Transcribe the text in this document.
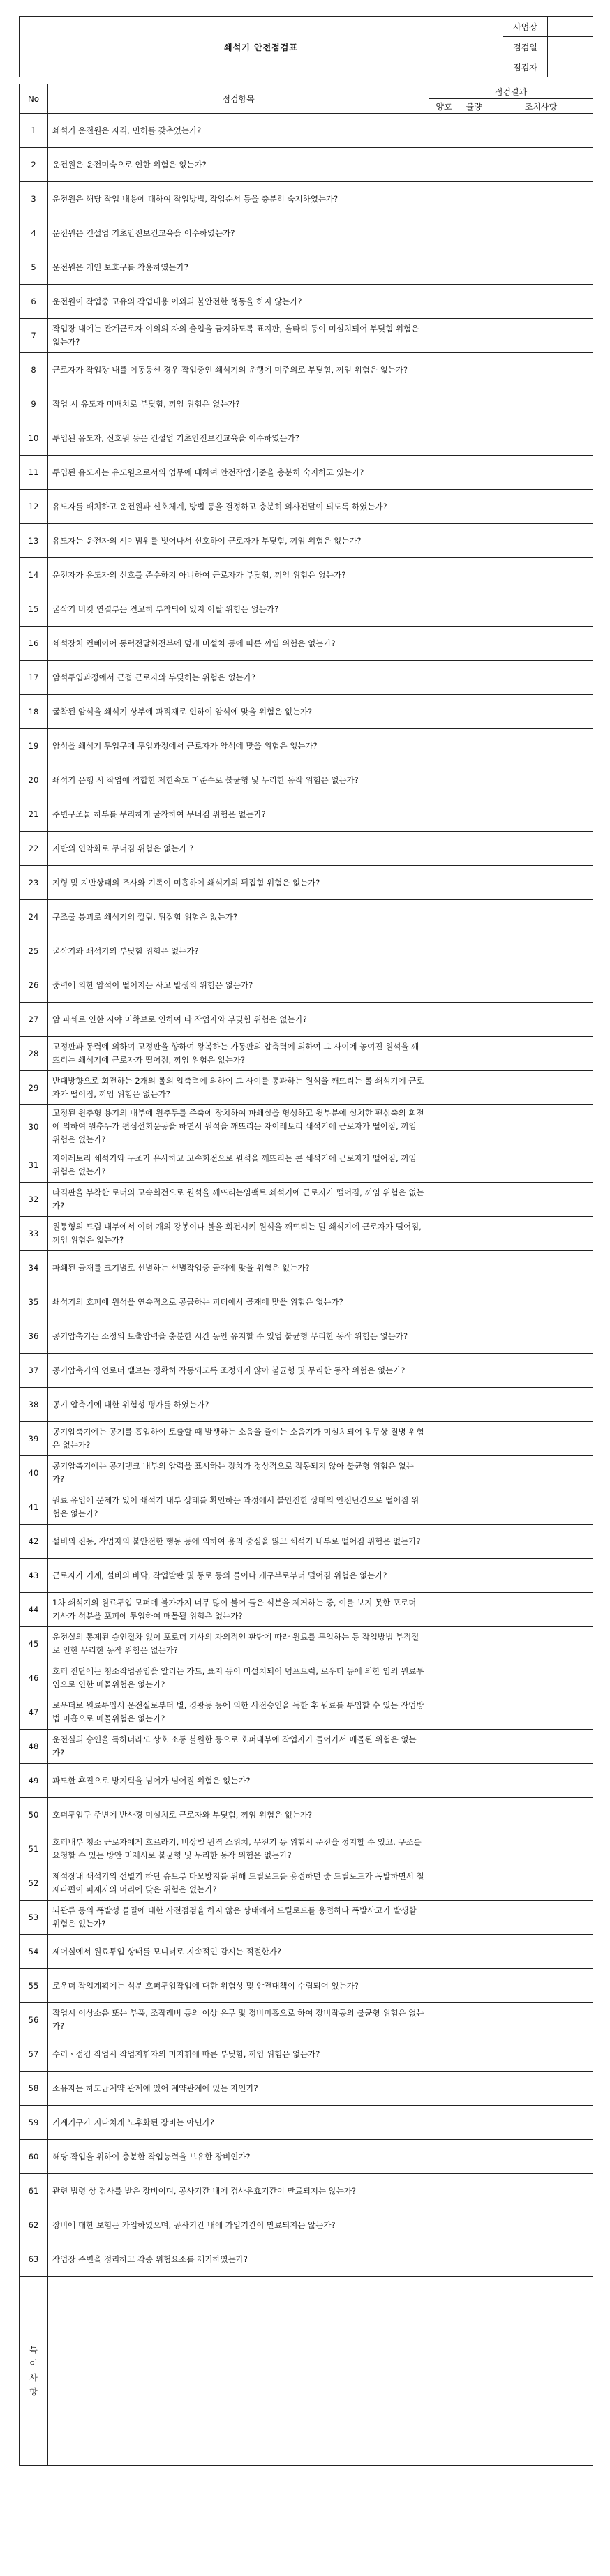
쇄석기 안전점검표	사업장	
	점검일	
	점검자	
No	점검항목	점검결과		
		양호	불량	조치사항
1	쇄석기 운전원은 자격, 면허를 갖추었는가?			
2	운전원은 운전미숙으로 인한 위험은 없는가?			
3	운전원은 해당 작업 내용에 대하여 작업방법, 작업순서 등을 충분히 숙지하였는가?			
4	운전원은 건설업 기초안전보건교육을 이수하였는가?			
5	운전원은 개인 보호구를 착용하였는가?			
6	운전원이 작업중 고유의 작업내용 이외의 불안전한 행동을 하지 않는가?			
7	작업장 내에는 관계근로자 이외의 자의 출입을 금지하도록 표지판, 울타리 등이 미설치되어 부딪힘 위험은 없는가?			
8	근로자가 작업장 내를 이동동선 경우 작업중인 쇄석기의 운행에 미주의로 부딪힘, 끼임 위험은 없는가?			
9	작업 시 유도자 미배치로 부딪힘, 끼임 위험은 없는가?			
10	투입된 유도자, 신호원 등은 건설업 기초안전보건교육을 이수하였는가?			
11	투입된 유도자는 유도원으로서의 업무에 대하여 안전작업기준을 충분히 숙지하고 있는가?			
12	유도자를 배치하고 운전원과 신호체계, 방법 등을 결정하고 충분히 의사전달이 되도록 하였는가?			
13	유도자는 운전자의 시야범위를 벗어나서 신호하여 근로자가 부딪힘, 끼임 위험은 없는가?			
14	운전자가 유도자의 신호를 준수하지 아니하여 근로자가 부딪힘, 끼임 위험은 없는가?			
15	굴삭기 버킷 연결부는 견고히 부착되어 있지 이탈 위험은 없는가?			
16	쇄석장치 컨베이어 동력전달회전부에 덮개 미설치 등에 따른 끼임 위험은 없는가?			
17	암석투입과정에서 근접 근로자와 부딪히는 위험은 없는가?			
18	굴착된 암석을 쇄석기 상부에 과적재로 인하여 암석에 맞을 위험은 없는가?			
19	암석을 쇄석기 투입구에 투입과정에서 근로자가 암석에 맞을 위험은 없는가?			
20	쇄석기 운행 시 작업에 적합한 제한속도 미준수로 불균형 및 무리한 동작 위험은 없는가?			
21	주변구조물 하부를 무리하게 굴착하여 무너짐 위험은 없는가?			
22	지반의 연약화로 무너짐 위험은 없는가 ?			
23	지형 및 지반상태의 조사와 기록이 미흡하여 쇄석기의 뒤집힘 위험은 없는가?			
24	구조물 붕괴로 쇄석기의 깔림, 뒤집힘 위험은 없는가?			
25	굴삭기와 쇄석기의 부딪힘 위험은 없는가?			
26	중력에 의한 암석이 떨어지는 사고 발생의 위험은 없는가?			
27	암 파쇄로 인한 시야 미확보로 인하여 타 작업자와 부딪힘 위험은 없는가?			
28	고정판과 동력에 의하여 고정판을 향하여 왕복하는 가동판의 압축력에 의하여 그 사이에 놓여진 원석을 깨뜨리는 쇄석기에 근로자가 떨어짐, 끼임 위험은 없는가?			
29	반대방향으로 회전하는 2개의 롤의 압축력에 의하여 그 사이를 통과하는 원석을 깨뜨리는 롤 쇄석기에 근로자가 떨어짐, 끼임 위험은 없는가?			
30	고정된 원추형 용기의 내부에 원추두를 주축에 장치하여 파쇄실을 형성하고 윗부분에 설치한 편심축의 회전에 의하여 원추두가 편심선회운동을 하면서 원석을 깨뜨리는 자이레토리 쇄석기에 근로자가 떨어짐, 끼임 위험은 없는가?			
31	자이레토리 쇄석기와 구조가 유사하고 고속회전으로 원석을 깨뜨리는 콘 쇄석기에 근로자가 떨어짐, 끼임 위험은 없는가?			
32	타격판을 부착한 로터의 고속회전으로 원석을 깨뜨리는임팩트 쇄석기에 근로자가 떨어짐, 끼임 위험은 없는가?			
33	원통형의 드럼 내부에서 여러 개의 강봉이나 볼을 회전시켜 원석을 깨뜨리는 밀 쇄석기에 근로자가 떨어짐, 끼임 위험은 없는가?			
34	파쇄된 골재를 크기별로 선별하는 선별작업중 골재에 맞을 위험은 없는가?			
35	쇄석기의 호퍼에 원석을 연속적으로 공급하는 피더에서 골재에 맞을 위험은 없는가?			
36	공기압축기는 소정의 토출압력을 충분한 시간 동안 유지할 수 있엄 불균형 무리한 동작 위험은 없는가?			
37	공기압축기의 언로더 밸브는 정확히 작동되도록 조정되지 않아 불균형 및 무리한 동작 위험은 없는가?			
38	공기 압축기에 대한 위험성 평가를 하였는가?			
39	공기압축기에는 공기를 흡입하여 토출할 때 발생하는 소음을 줄이는 소음기가 미설치되어 업무상 질병 위험은 없는가?			
40	공기압축기에는 공기탱크 내부의 압력을 표시하는 장치가 정상적으로 작동되지 않아 불균형 위험은 없는가?			
41	원료 유입에 문제가 있어 쇄석기 내부 상태를 확인하는 과정에서 불안전한 상태의 안전난간으로 떨어짐 위험은 없는가?			
42	설비의 진동, 작업자의 불안전한 행동 등에 의하여 용의 중심을 잃고 쇄석기 내부로 떨어짐 위험은 없는가?			
43	근로자가 기계, 설비의 바닥, 작업발판 및 통로 등의 물이나 개구부로부터 떨어짐 위험은 없는가?			
44	1차 쇄석기의 원료투입 모퍼에 불가가지 너무 많이 불어 들은 석분을 제거하는 중, 이를 보지 못한 포로더 기사가 석분을 포퍼에 투입하여 매몰될 위험은 없는가?			
45	운전실의 통제된 승인절차 없이 포로더 기사의 자의적인 판단에 따라 원료를 투입하는 등 작업방법 부적절로 인한 무리한 동작 위험은 없는가?			
46	호퍼 전단에는 청소작업공임을 알리는 가드, 표지 등이 미설치되어 덤프트럭, 로우더 등에 의한 임의 원료투입으로 인한 매몰위험은 없는가?			
47	로우더로 원료투입시 운전실로부터 별, 경광등 등에 의한 사전승인을 득한 후 원료를 투입할 수 있는 작업방법 미흡으로 매몰위험은 없는가?			
48	운전실의 승인을 득하더라도 상호 소통 불원한 등으로 호퍼내부에 작업자가 들어가서 매몰된 위험은 없는가?			
49	과도한 후진으로 방지턱을 넘어가 넘어질 위험은 없는가?			
50	호퍼투입구 주변에 반사경 미설치로 근로자와 부딪힘, 끼임 위험은 없는가?			
51	호퍼내부 청소 근로자에게 호르라기, 비상벨 원격 스위치, 무전기 등 위험시 운전을 정지할 수 있고, 구조를 요청할 수 있는 방안 미제시로 불균형 및 무리한 동작 위험은 없는가?			
52	제석장내 쇄석기의 선별기 하단 슈트부 마모방지를 위해 드릴로드를 용접하던 중 드릴로드가 폭발하면서 철재파편이 피재자의 머리에 맞은 위험은 없는가?			
53	뇌관류 등의 폭발성 물질에 대한 사전점검을 하지 않은 상태에서 드릴로드를 용접하다 폭발사고가 발생할 위험은 없는가?			
54	제어실에서 원료투입 상태를 모니터로 지속적인 감시는 적절한가?			
55	로우더 작업계획에는 석분 호퍼투입작업에 대한 위험성 및 안전대책이 수립되어 있는가?			
56	작업시 이상소음 또는 부품, 조작레버 등의 이상 유무 및 정비미흡으로 하여 장비작동의 불균형 위험은 없는가?			
57	수리ㆍ점검 작업시 작업지휘자의 미지휘에 따른 부딪힘, 끼임 위험은 없는가?			
58	소유자는 하도급계약 관계에 있어 계약관계에 있는 자인가?			
59	기계기구가 지나치게 노후화된 장비는 아닌가?			
60	해당 작업을 위하여 충분한 작업능력을 보유한 장비인가?			
61	관련 법령 상 검사를 받은 장비이며, 공사기간 내에 검사유효기간이 만료되지는 않는가?			
62	장비에 대한 보험은 가입하였으며, 공사기간 내에 가입기간이 만료되지는 않는가?			
63	작업장 주변을 정리하고 각종 위험요소를 제거하였는가?			

특
이
사
항				
